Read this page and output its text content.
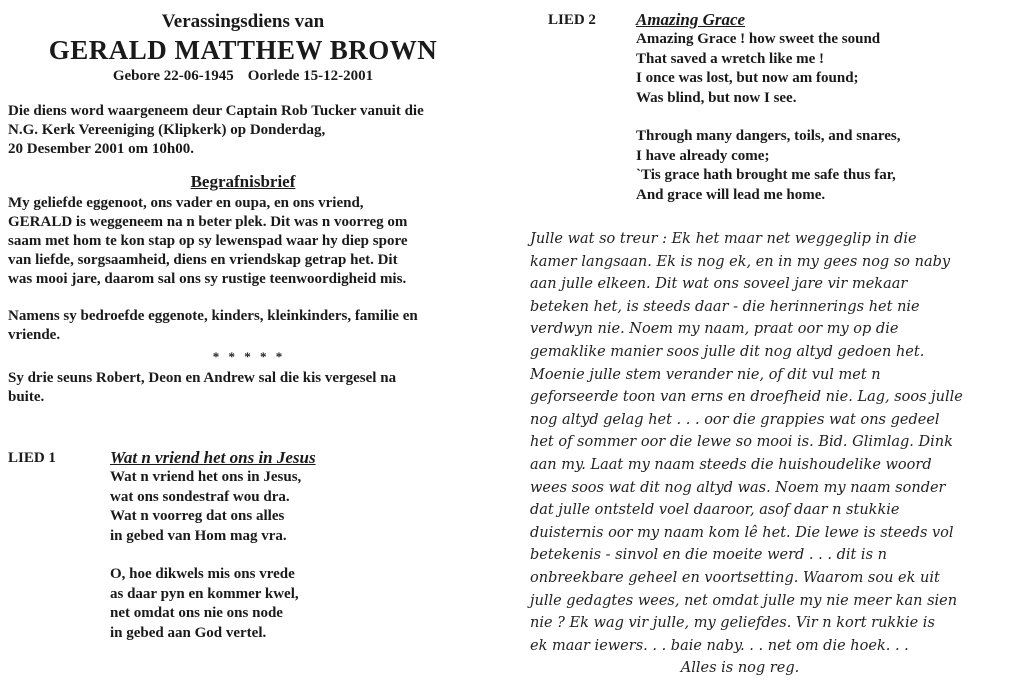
Verassingsdiens van
GERALD MATTHEW BROWN
Gebore 22-06-1945 Oorlede 15-12-2001
Die diens word waargeneem deur Captain Rob Tucker vanuit die
N.G. Kerk Vereeniging (Klipkerk) op Donderdag,
20 Desember 2001 om 10h00.
Begrafnisbrief
My geliefde eggenoot, ons vader en oupa, en ons vriend,
GERALD is weggeneem na n beter plek. Dit was n voorreg om
saam met hom te kon stap op sy lewenspad waar hy diep spore
van liefde, sorgsaamheid, diens en vriendskap getrap het. Dit
was mooi jare, daarom sal ons sy rustige teenwoordigheid mis.
Namens sy bedroefde eggenote, kinders, kleinkinders, familie en
vriende.
* * * * *
Sy drie seuns Robert, Deon en Andrew sal die kis vergesel na
buite.
LIED 1	Wat n vriend het ons in Jesus
Wat n vriend het ons in Jesus,
wat ons sondestraf wou dra.
Wat n voorreg dat ons alles
in gebed van Hom mag vra.
O, hoe dikwels mis ons vrede
as daar pyn en kommer kwel,
net omdat ons nie ons node
in gebed aan God vertel.
LIED 2 Amazing Grace
Amazing Grace ! how sweet the sound
That saved a wretch like me !
I once was lost, but now am found;
Was blind, but now I see.
Through many dangers, toils, and snares,
I have already come;
`Tis grace hath brought me safe thus far,
And grace will lead me home.
Julle wat so treur : Ek het maar net weggeglip in die
kamer langsaan. Ek is nog ek, en in my gees nog so naby
aan julle elkeen. Dit wat ons soveel jare vir mekaar
beteken het, is steeds daar - die herinnerings het nie
verdwyn nie. Noem my naam, praat oor my op die
gemaklike manier soos julle dit nog altyd gedoen het.
Moenie julle stem verander nie, of dit vul met n
geforseerde toon van erns en droefheid nie. Lag, soos julle
nog altyd gelag het . . . oor die grappies wat ons gedeel
het of sommer oor die lewe so mooi is. Bid. Glimlag. Dink
aan my. Laat my naam steeds die huishoudelike woord
wees soos wat dit nog altyd was. Noem my naam sonder
dat julle ontsteld voel daaroor, asof daar n stukkie
duisternis oor my naam kom lê het. Die lewe is steeds vol
betekenis - sinvol en die moeite werd . . . dit is n
onbreekbare geheel en voortsetting. Waarom sou ek uit
julle gedagtes wees, net omdat julle my nie meer kan sien
nie ? Ek wag vir julle, my geliefdes. Vir n kort rukkie is
ek maar iewers. . . baie naby. . . net om die hoek. . .
Alles is nog reg.
